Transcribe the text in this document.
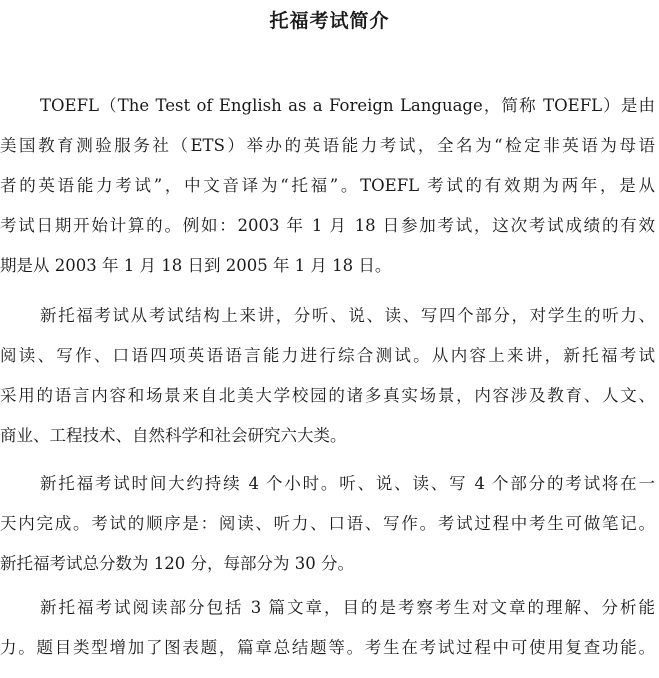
托福考试简介
TOEFL（The Test of English as a Foreign Language，简称 TOEFL）是由
美国教育测验服务社（ETS）举办的英语能力考试，全名为“检定非英语为母语
者的英语能力考试”，中文音译为“托福”。TOEFL 考试的有效期为两年，是从
考试日期开始计算的。例如：2003 年 1 月 18 日参加考试，这次考试成绩的有效
期是从 2003 年 1 月 18 日到 2005 年 1 月 18 日。
新托福考试从考试结构上来讲，分听、说、读、写四个部分，对学生的听力、
阅读、写作、口语四项英语语言能力进行综合测试。从内容上来讲，新托福考试
采用的语言内容和场景来自北美大学校园的诸多真实场景，内容涉及教育、人文、
商业、工程技术、自然科学和社会研究六大类。
新托福考试时间大约持续 4 个小时。听、说、读、写 4 个部分的考试将在一
天内完成。考试的顺序是：阅读、听力、口语、写作。考试过程中考生可做笔记。
新托福考试总分数为 120 分，每部分为 30 分。
新托福考试阅读部分包括 3 篇文章，目的是考察考生对文章的理解、分析能
力。题目类型增加了图表题，篇章总结题等。考生在考试过程中可使用复查功能。
